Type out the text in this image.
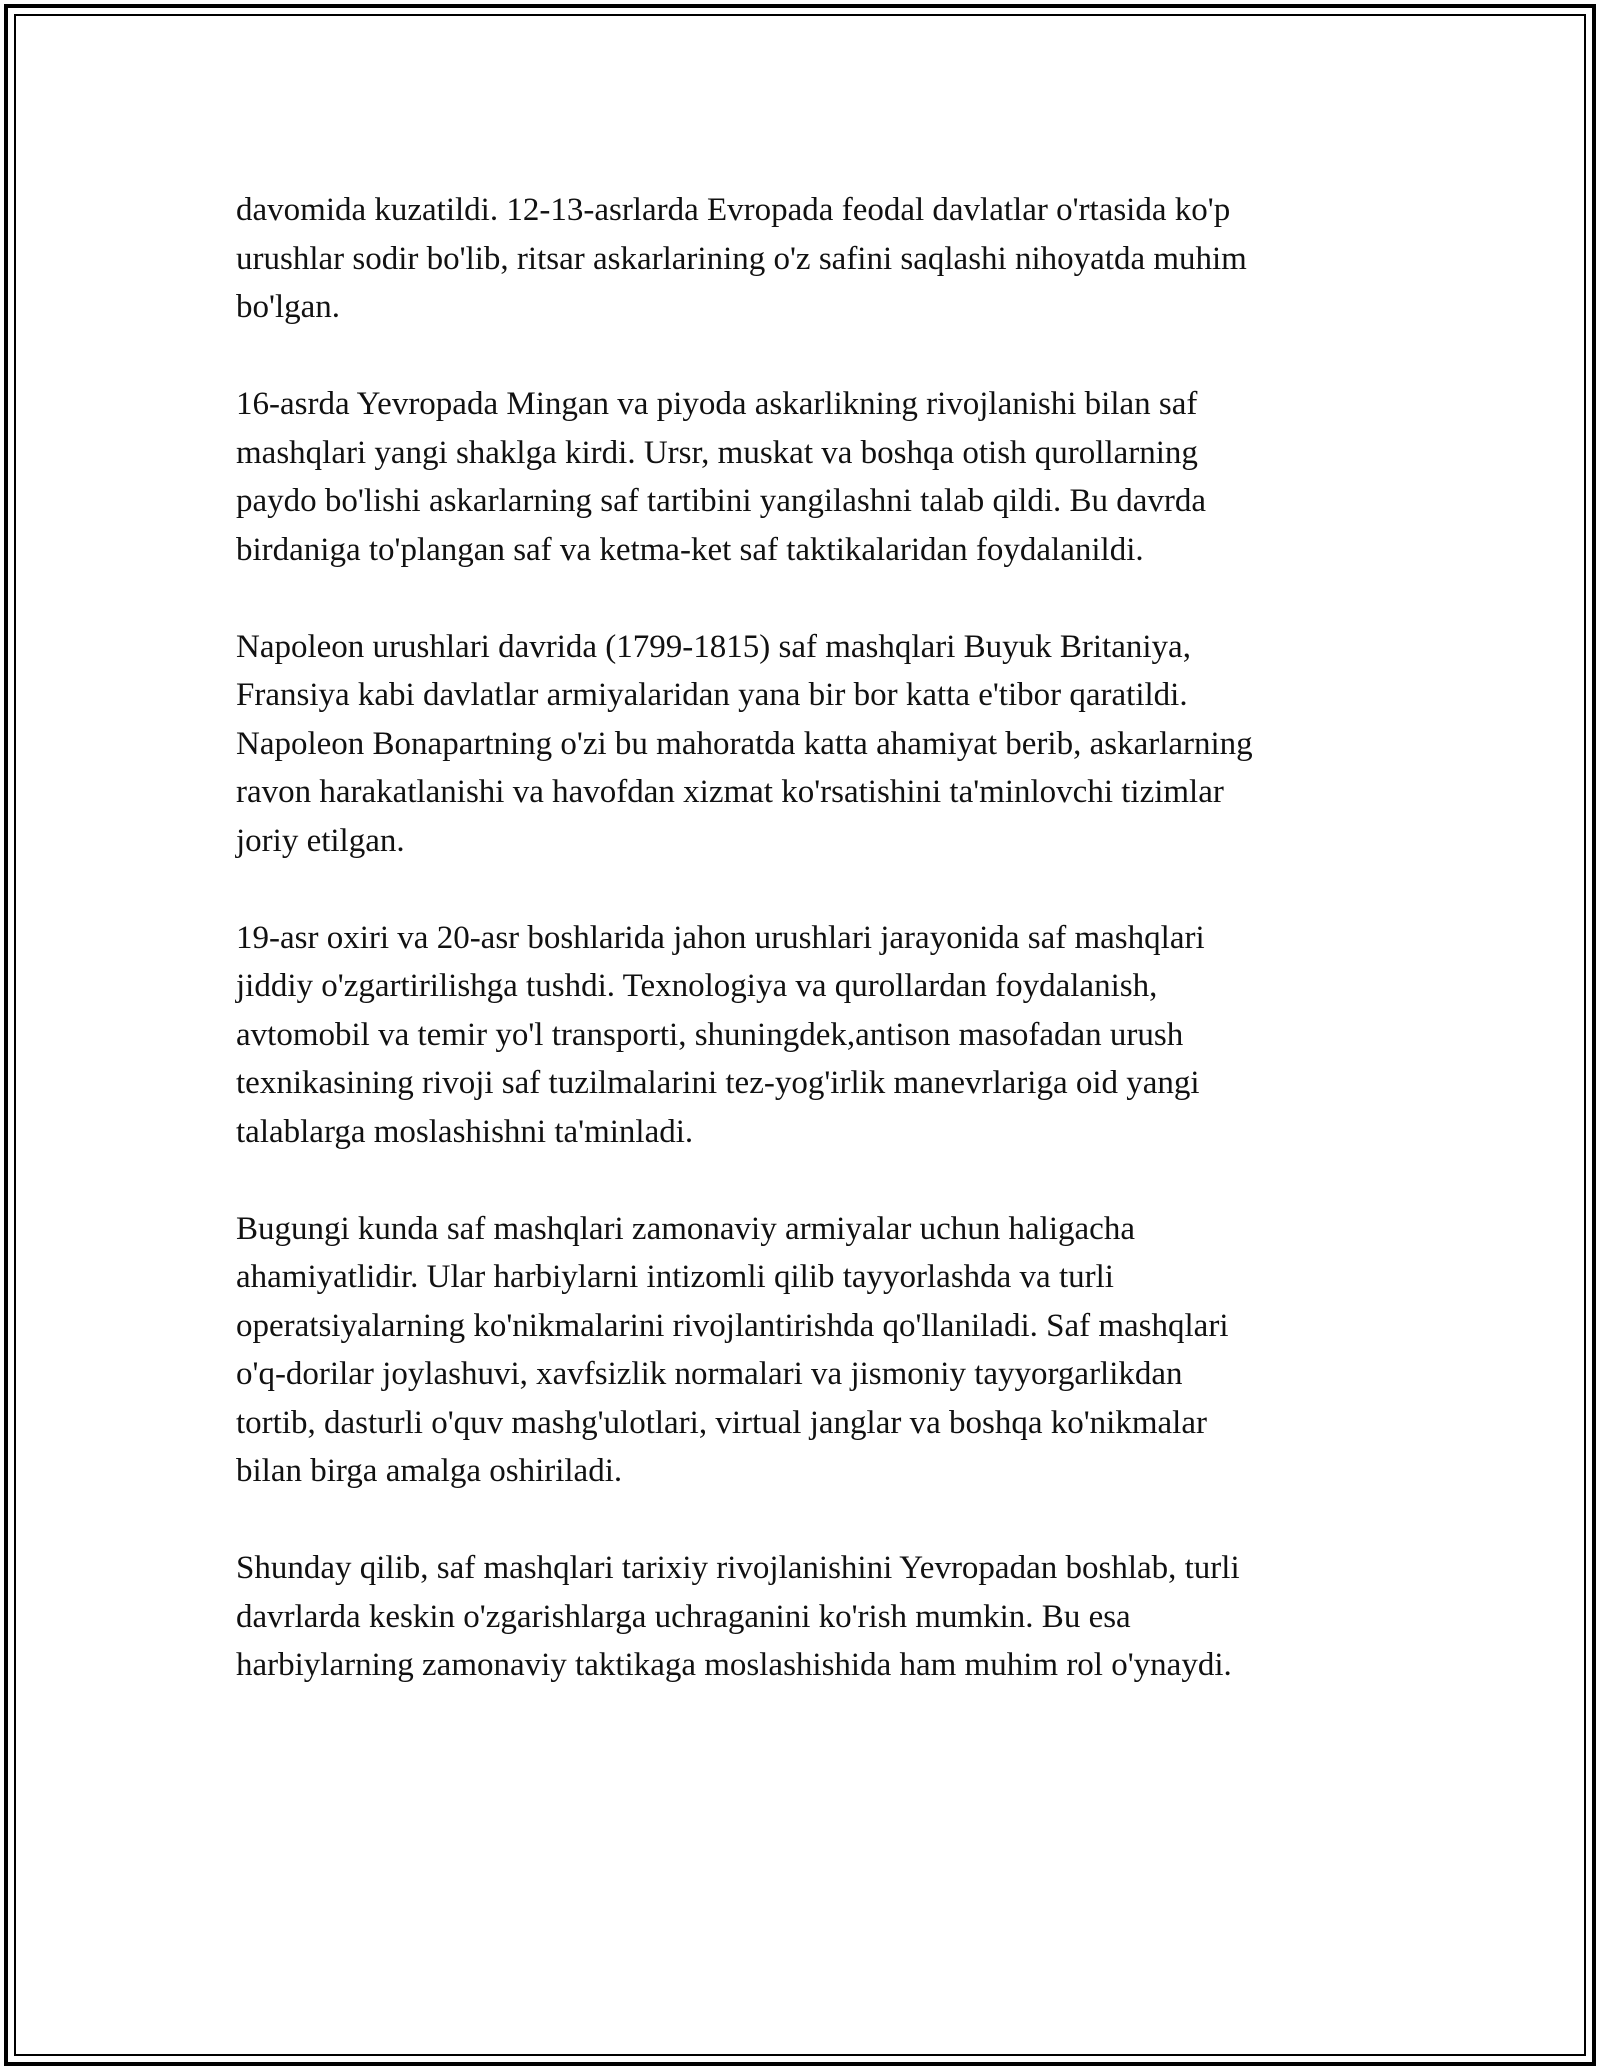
davomida kuzatildi. 12-13-asrlarda Evropada feodal davlatlar o'rtasida ko'p
urushlar sodir bo'lib, ritsar askarlarining o'z safini saqlashi nihoyatda muhim
bo'lgan.

16-asrda Yevropada Mingan va piyoda askarlikning rivojlanishi bilan saf
mashqlari yangi shaklga kirdi. Ursr, muskat va boshqa otish qurollarning
paydo bo'lishi askarlarning saf tartibini yangilashni talab qildi. Bu davrda
birdaniga to'plangan saf va ketma-ket saf taktikalaridan foydalanildi.

Napoleon urushlari davrida (1799-1815) saf mashqlari Buyuk Britaniya,
Fransiya kabi davlatlar armiyalaridan yana bir bor katta e'tibor qaratildi.
Napoleon Bonapartning o'zi bu mahoratda katta ahamiyat berib, askarlarning
ravon harakatlanishi va havofdan xizmat ko'rsatishini ta'minlovchi tizimlar
joriy etilgan.

19-asr oxiri va 20-asr boshlarida jahon urushlari jarayonida saf mashqlari
jiddiy o'zgartirilishga tushdi. Texnologiya va qurollardan foydalanish,
avtomobil va temir yo'l transporti, shuningdek,antison masofadan urush
texnikasining rivoji saf tuzilmalarini tez-yog'irlik manevrlariga oid yangi
talablarga moslashishni ta'minladi.

Bugungi kunda saf mashqlari zamonaviy armiyalar uchun haligacha
ahamiyatlidir. Ular harbiylarni intizomli qilib tayyorlashda va turli
operatsiyalarning ko'nikmalarini rivojlantirishda qo'llaniladi. Saf mashqlari
o'q-dorilar joylashuvi, xavfsizlik normalari va jismoniy tayyorgarlikdan
tortib, dasturli o'quv mashg'ulotlari, virtual janglar va boshqa ko'nikmalar
bilan birga amalga oshiriladi.

Shunday qilib, saf mashqlari tarixiy rivojlanishini Yevropadan boshlab, turli
davrlarda keskin o'zgarishlarga uchraganini ko'rish mumkin. Bu esa
harbiylarning zamonaviy taktikaga moslashishida ham muhim rol o'ynaydi.
